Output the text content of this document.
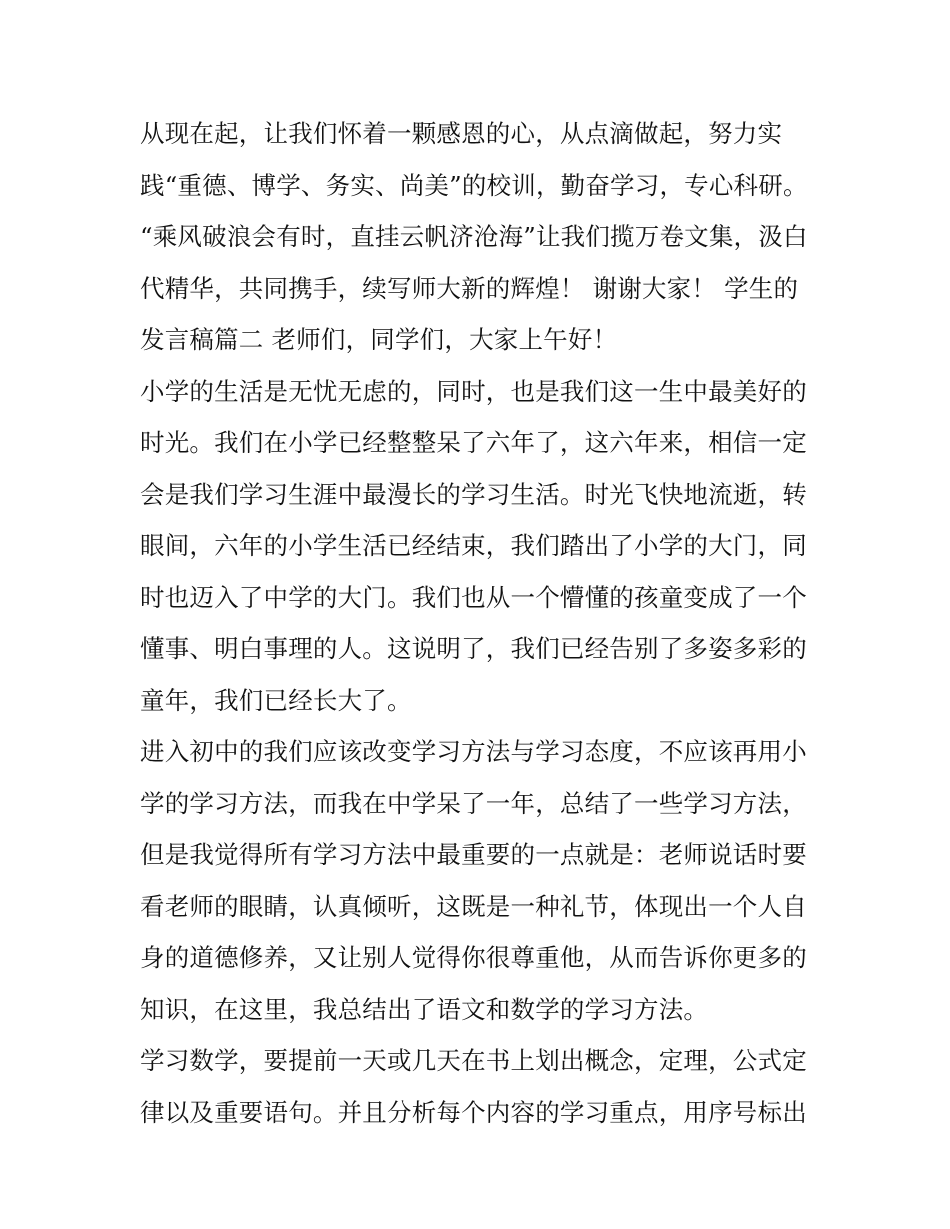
从现在起，让我们怀着一颗感恩的心，从点滴做起，努力实
践“重德、博学、务实、尚美”的校训，勤奋学习，专心科研。
“乘风破浪会有时，直挂云帆济沧海”让我们揽万卷文集，汲白
代精华，共同携手，续写师大新的辉煌！ 谢谢大家！ 学生的
发言稿篇二 老师们，同学们，大家上午好！
小学的生活是无忧无虑的，同时，也是我们这一生中最美好的
时光。我们在小学已经整整呆了六年了，这六年来，相信一定
会是我们学习生涯中最漫长的学习生活。时光飞快地流逝，转
眼间，六年的小学生活已经结束，我们踏出了小学的大门，同
时也迈入了中学的大门。我们也从一个懵懂的孩童变成了一个
懂事、明白事理的人。这说明了，我们已经告别了多姿多彩的
童年，我们已经长大了。
进入初中的我们应该改变学习方法与学习态度，不应该再用小
学的学习方法，而我在中学呆了一年，总结了一些学习方法，
但是我觉得所有学习方法中最重要的一点就是：老师说话时要
看老师的眼睛，认真倾听，这既是一种礼节，体现出一个人自
身的道德修养，又让别人觉得你很尊重他，从而告诉你更多的
知识，在这里，我总结出了语文和数学的学习方法。
学习数学，要提前一天或几天在书上划出概念，定理，公式定
律以及重要语句。并且分析每个内容的学习重点，用序号标出
